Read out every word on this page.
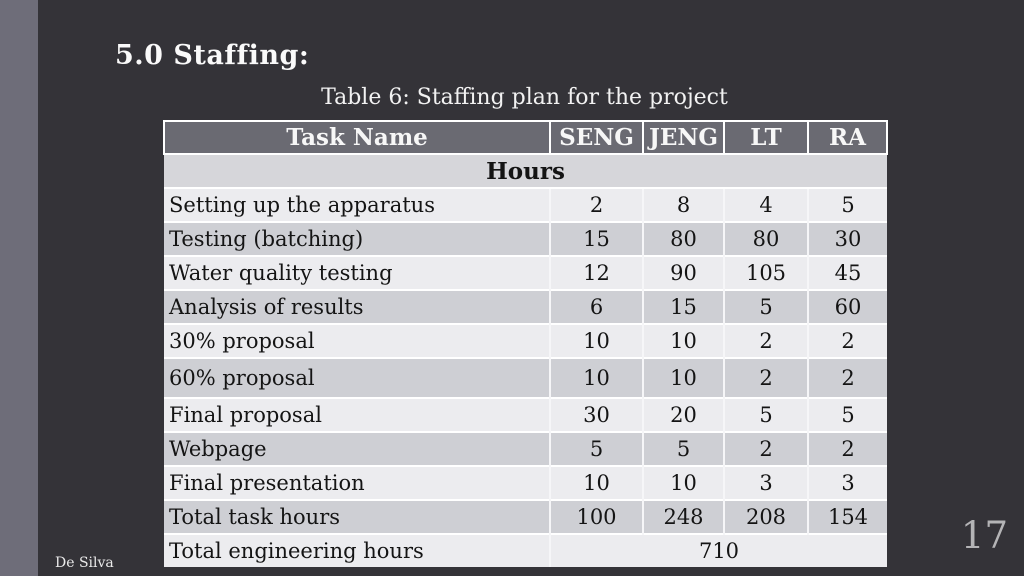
5.0 Staffing:
Table 6: Staffing plan for the project
Task Name	SENG	JENG	LT	RA
Hours				
Setting up the apparatus	2	8	4	5
Testing (batching)	15	80	80	30
Water quality testing	12	90	105	45
Analysis of results	6	15	5	60
30% proposal	10	10	2	2
60% proposal	10	10	2	2
Final proposal	30	20	5	5
Webpage	5	5	2	2
Final presentation	10	10	3	3
Total task hours	100	248	208	154
Total engineering hours	710			
De Silva
17
